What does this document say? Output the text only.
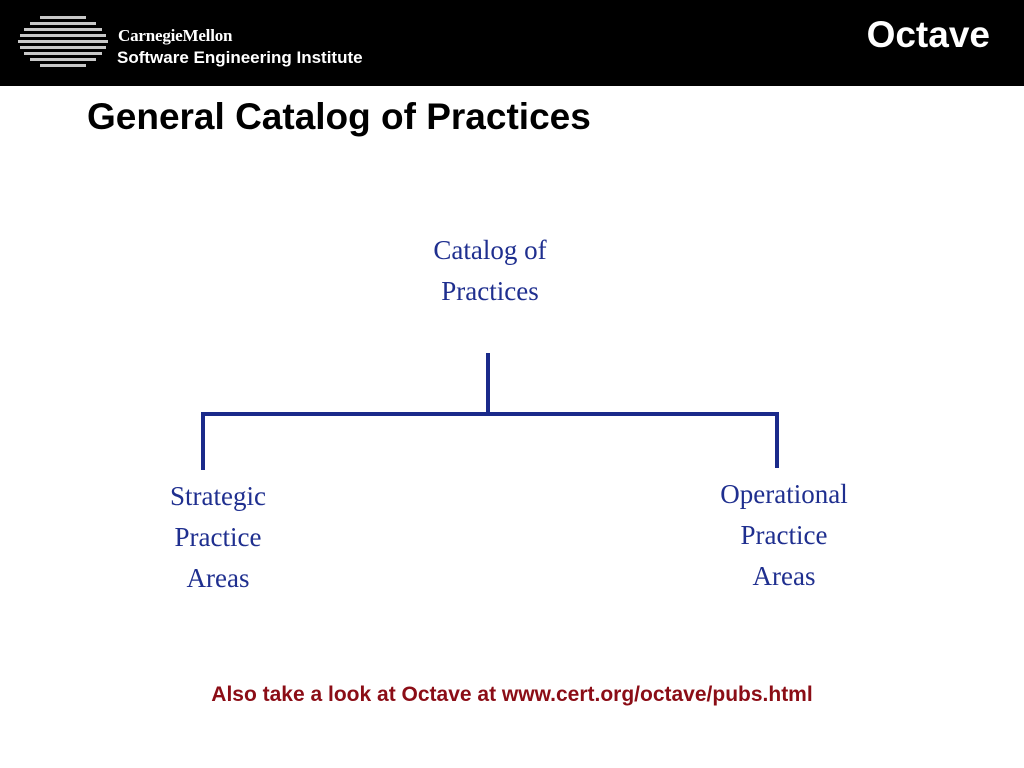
CarnegieMellon
Software Engineering Institute
Octave
General Catalog of Practices
Catalog of
Practices
Strategic
Practice
Areas
Operational
Practice
Areas
Also take a look at Octave at www.cert.org/octave/pubs.html
